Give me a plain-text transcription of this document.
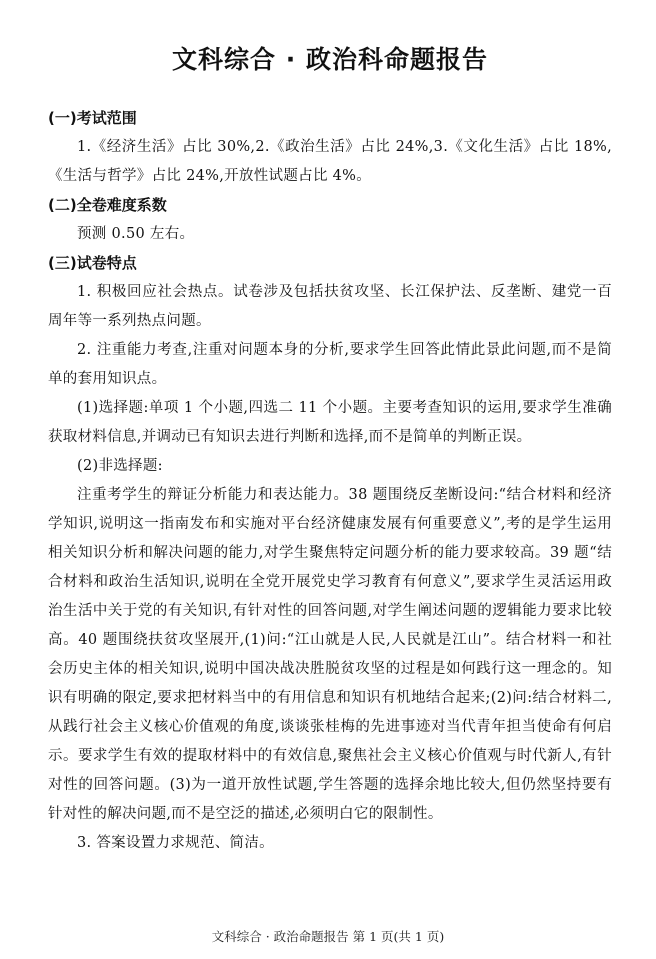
文科综合 · 政治科命题报告

(一)考试范围

1.《经济生活》占比 30%,2.《政治生活》占比 24%,3.《文化生活》占比 18%,《生活与哲学》占比 24%,开放性试题占比 4%。

(二)全卷难度系数

预测 0.50 左右。

(三)试卷特点

1. 积极回应社会热点。试卷涉及包括扶贫攻坚、长江保护法、反垄断、建党一百周年等一系列热点问题。

2. 注重能力考查,注重对问题本身的分析,要求学生回答此情此景此问题,而不是简单的套用知识点。

(1)选择题:单项 1 个小题,四选二 11 个小题。主要考查知识的运用,要求学生准确获取材料信息,并调动已有知识去进行判断和选择,而不是简单的判断正误。

(2)非选择题:

注重考学生的辩证分析能力和表达能力。38 题围绕反垄断设问:“结合材料和经济学知识,说明这一指南发布和实施对平台经济健康发展有何重要意义”,考的是学生运用相关知识分析和解决问题的能力,对学生聚焦特定问题分析的能力要求较高。39 题“结合材料和政治生活知识,说明在全党开展党史学习教育有何意义”,要求学生灵活运用政治生活中关于党的有关知识,有针对性的回答问题,对学生阐述问题的逻辑能力要求比较高。40 题围绕扶贫攻坚展开,(1)问:“江山就是人民,人民就是江山”。结合材料一和社会历史主体的相关知识,说明中国决战决胜脱贫攻坚的过程是如何践行这一理念的。知识有明确的限定,要求把材料当中的有用信息和知识有机地结合起来;(2)问:结合材料二,从践行社会主义核心价值观的角度,谈谈张桂梅的先进事迹对当代青年担当使命有何启示。要求学生有效的提取材料中的有效信息,聚焦社会主义核心价值观与时代新人,有针对性的回答问题。(3)为一道开放性试题,学生答题的选择余地比较大,但仍然坚持要有针对性的解决问题,而不是空泛的描述,必须明白它的限制性。

3. 答案设置力求规范、简洁。

文科综合 · 政治命题报告 第 1 页(共 1 页)
